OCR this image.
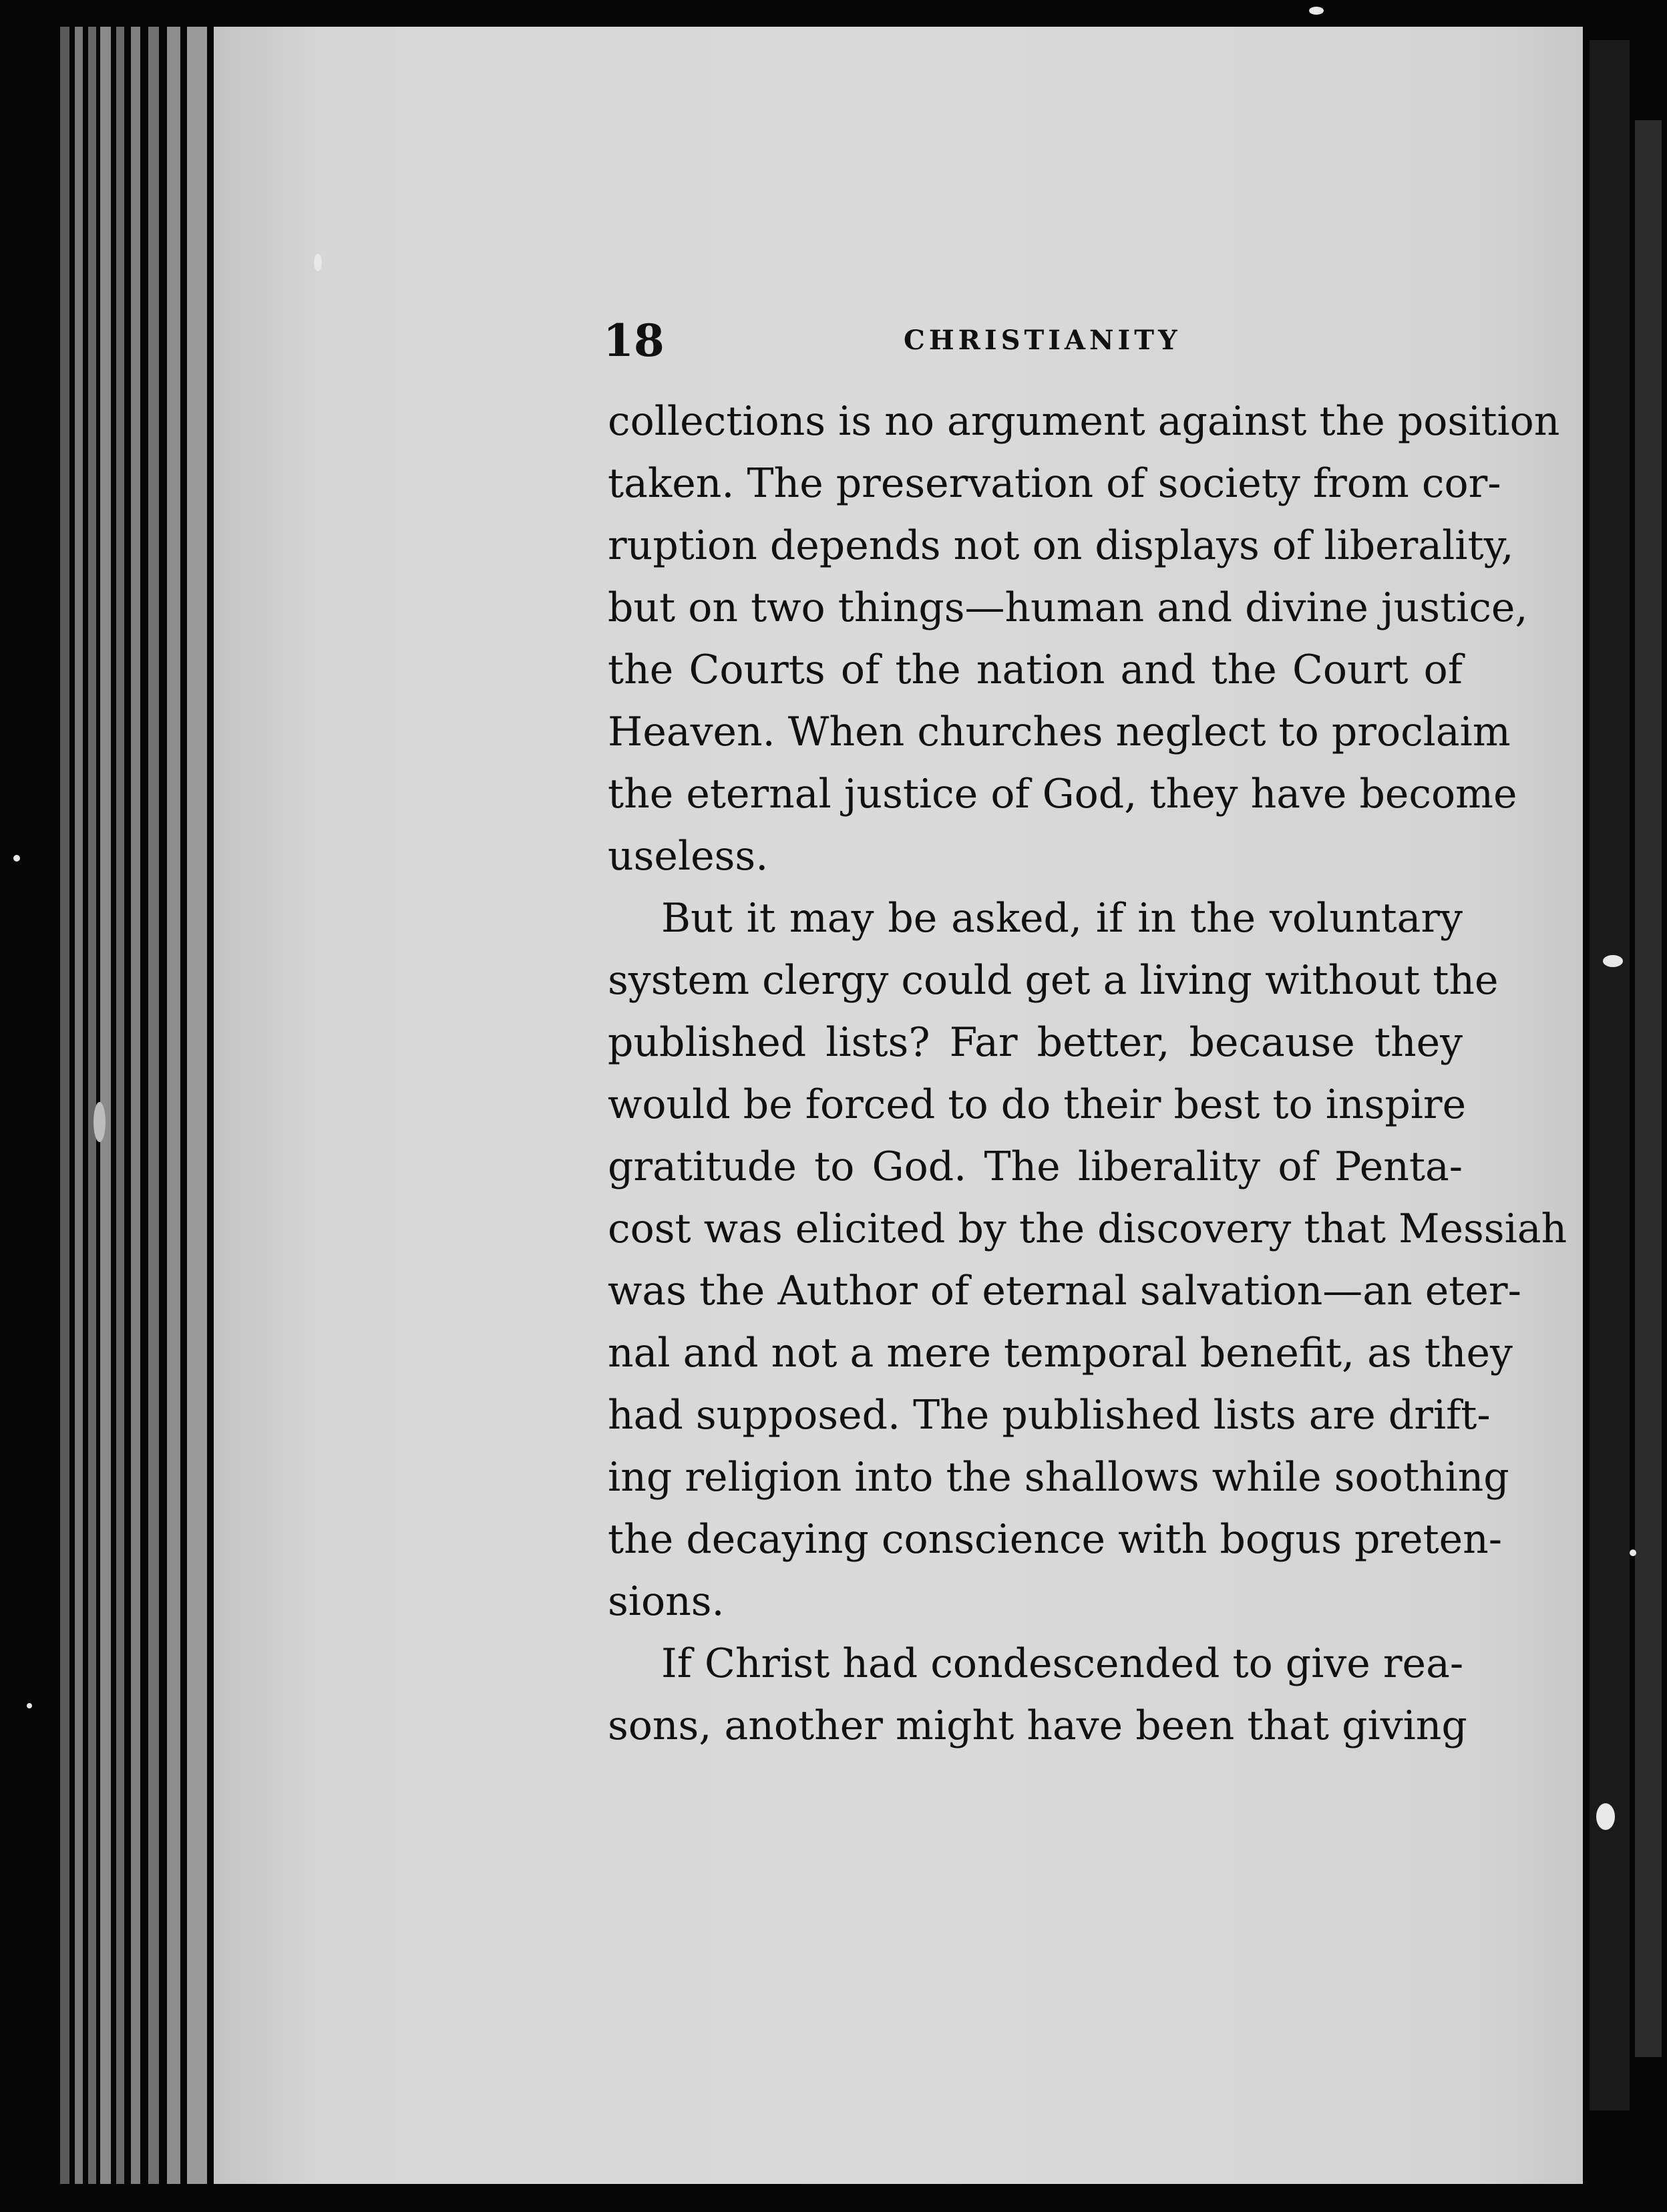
18	CHRISTIANITY
collections is no argument against the position
taken. The preservation of society from cor-
ruption depends not on displays of liberality,
but on two things—human and divine justice,
the Courts of the nation and the Court of
Heaven. When churches neglect to proclaim
the eternal justice of God, they have become
useless.
But it may be asked, if in the voluntary
system clergy could get a living without the
published lists? Far better, because they
would be forced to do their best to inspire
gratitude to God. The liberality of Penta-
cost was elicited by the discovery that Messiah
was the Author of eternal salvation—an eter-
nal and not a mere temporal benefit, as they
had supposed. The published lists are drift-
ing religion into the shallows while soothing
the decaying conscience with bogus preten-
sions.
If Christ had condescended to give rea-
sons, another might have been that giving
